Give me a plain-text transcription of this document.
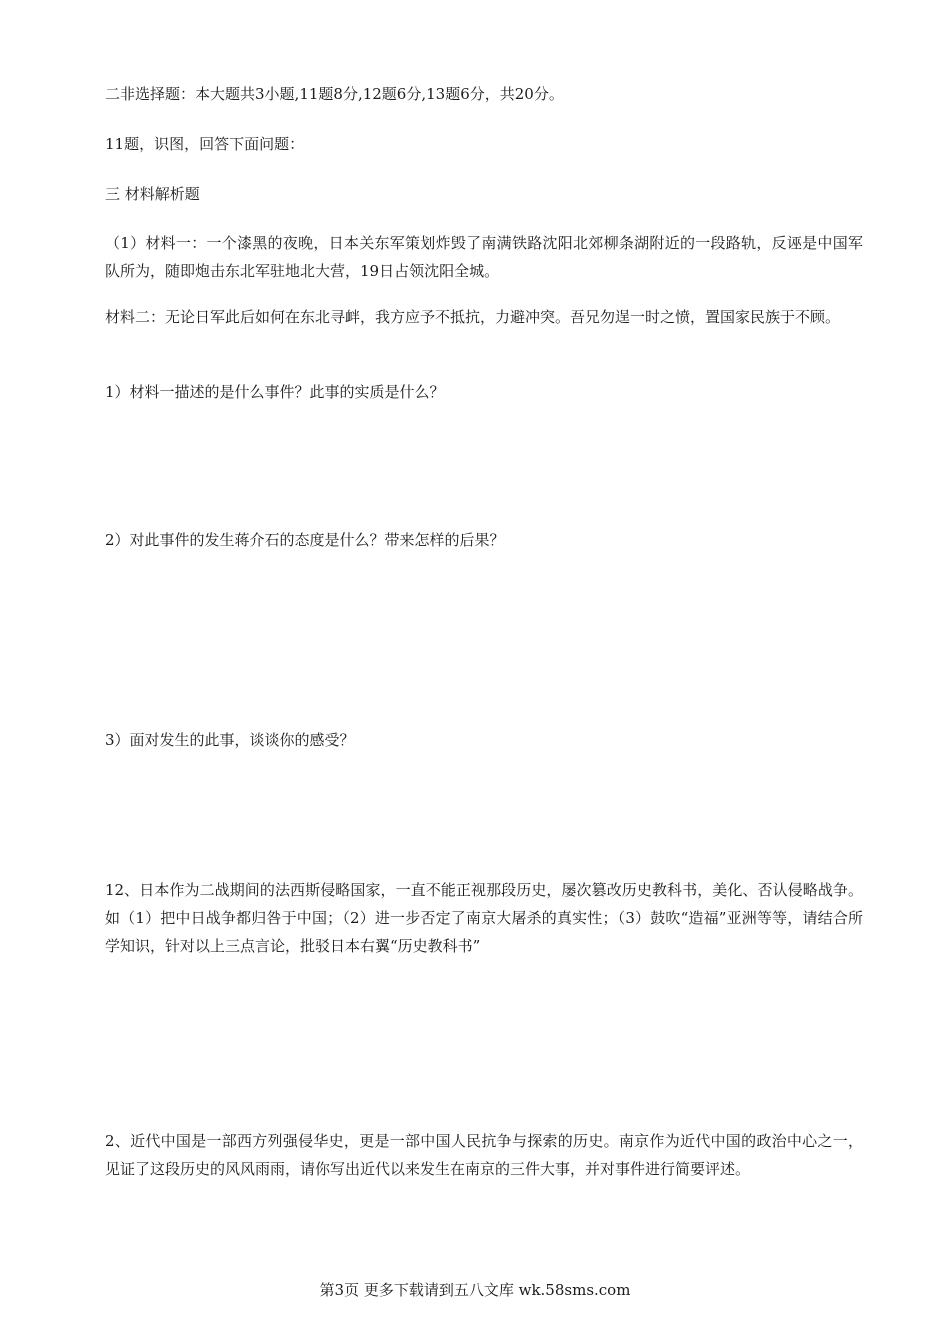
二非选择题：本大题共3小题,11题8分,12题6分,13题6分，共20分。
11题，识图，回答下面问题：
三 材料解析题
（1）材料一：一个漆黑的夜晚，日本关东军策划炸毁了南满铁路沈阳北郊柳条湖附近的一段路轨，反诬是中国军队所为，随即炮击东北军驻地北大营，19日占领沈阳全城。
材料二：无论日军此后如何在东北寻衅，我方应予不抵抗，力避冲突。吾兄勿逞一时之愤，置国家民族于不顾。
1）材料一描述的是什么事件？此事的实质是什么？
2）对此事件的发生蒋介石的态度是什么？带来怎样的后果？
3）面对发生的此事，谈谈你的感受？
12、日本作为二战期间的法西斯侵略国家，一直不能正视那段历史，屡次篡改历史教科书，美化、否认侵略战争。如（1）把中日战争都归咎于中国；（2）进一步否定了南京大屠杀的真实性；（3）鼓吹“造福”亚洲等等，请结合所学知识，针对以上三点言论，批驳日本右翼“历史教科书”
2、近代中国是一部西方列强侵华史，更是一部中国人民抗争与探索的历史。南京作为近代中国的政治中心之一，见证了这段历史的风风雨雨，请你写出近代以来发生在南京的三件大事，并对事件进行简要评述。
第3页 更多下载请到五八文库 wk.58sms.com
